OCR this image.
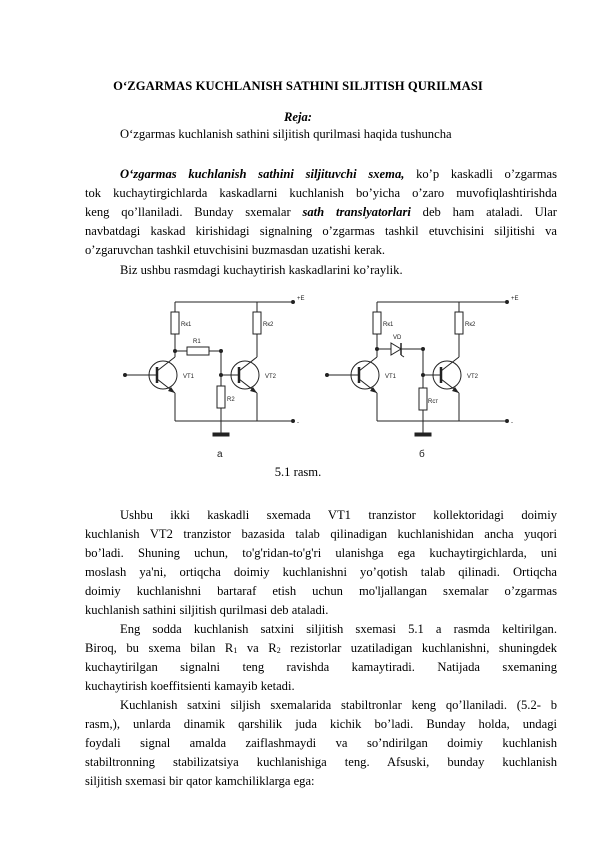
O‘ZGARMAS KUCHLANISH SATHINI SILJITISH QURILMASI
Reja:
O‘zgarmas kuchlanish sathini siljitish qurilmasi haqida tushuncha
O‘zgarmas kuchlanish sathini siljituvchi sxema, ko’p kaskadli o’zgarmas
tok kuchaytirgichlarda kaskadlarni kuchlanish bo’yicha o’zaro muvofiqlashtirishda
keng qo’llaniladi. Bunday sxemalar sath translyatorlari deb ham ataladi. Ular
navbatdagi kaskad kirishidagi signalning o’zgarmas tashkil etuvchisini siljitishi va
o’zgaruvchan tashkil etuvchisini buzmasdan uzatishi kerak.
Biz ushbu rasmdagi kuchaytirish kaskadlarini ko’raylik.
Rк1	Rк2
R1
R2
VT1	VT2
+E
-
Rк1	Rк2
VD
Rст
VT1	VT2
+E
-
а	б
5.1 rasm.
Ushbu ikki kaskadli sxemada VT1 tranzistor kollektoridagi doimiy
kuchlanish VT2 tranzistor bazasida talab qilinadigan kuchlanishidan ancha yuqori
bo’ladi. Shuning uchun, to'g'ridan-to'g'ri ulanishga ega kuchaytirgichlarda, uni
moslash ya'ni, ortiqcha doimiy kuchlanishni yo’qotish talab qilinadi. Ortiqcha
doimiy kuchlanishni bartaraf etish uchun mo'ljallangan sxemalar o’zgarmas
kuchlanish sathini siljitish qurilmasi deb ataladi.
Eng sodda kuchlanish satxini siljitish sxemasi 5.1 a rasmda keltirilgan.
Biroq, bu sxema bilan $R_1$ va $R_2$ rezistorlar uzatiladigan kuchlanishni, shuningdek
kuchaytirilgan signalni teng ravishda kamaytiradi. Natijada sxemaning
kuchaytirish koeffitsienti kamayib ketadi.
Kuchlanish satxini siljish sxemalarida stabiltronlar keng qo’llaniladi. (5.2- b
rasm,), unlarda dinamik qarshilik juda kichik bo’ladi. Bunday holda, undagi
foydali signal amalda zaiflashmaydi va so’ndirilgan doimiy kuchlanish
stabiltronning stabilizatsiya kuchlanishiga teng. Afsuski, bunday kuchlanish
siljitish sxemasi bir qator kamchiliklarga ega:
